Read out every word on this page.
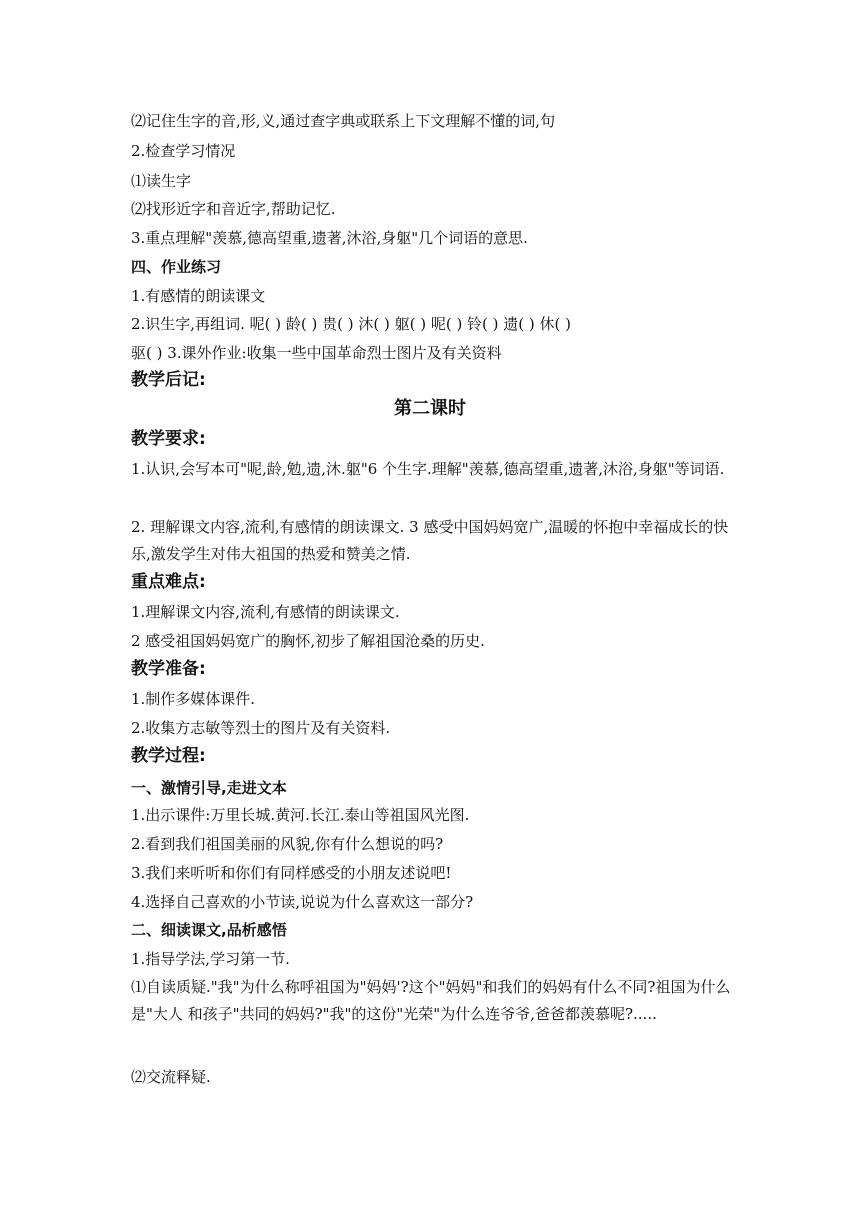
⑵记住生字的音,形,义,通过查字典或联系上下文理解不懂的词,句
2.检查学习情况
⑴读生字
⑵找形近字和音近字,帮助记忆.
3.重点理解"羡慕,德高望重,遗著,沐浴,身躯"几个词语的意思.
四、作业练习
1.有感情的朗读课文
2.识生字,再组词. 呢( ) 龄( ) 贵( ) 沐( ) 躯( ) 呢( ) 铃( ) 遗( ) 休( )
驱( ) 3.课外作业:收集一些中国革命烈士图片及有关资料
教学后记:
第二课时
教学要求:
1.认识,会写本可"呢,龄,勉,遗,沐.躯"6 个生字.理解"羡慕,德高望重,遗著,沐浴,身躯"等词语.
2. 理解课文内容,流利,有感情的朗读课文. 3 感受中国妈妈宽广,温暖的怀抱中幸福成长的快乐,激发学生对伟大祖国的热爱和赞美之情.
重点难点:
1.理解课文内容,流利,有感情的朗读课文.
2 感受祖国妈妈宽广的胸怀,初步了解祖国沧桑的历史.
教学准备:
1.制作多媒体课件.
2.收集方志敏等烈士的图片及有关资料.
教学过程:
一、激情引导,走进文本
1.出示课件:万里长城.黄河.长江.泰山等祖国风光图.
2.看到我们祖国美丽的风貌,你有什么想说的吗?
3.我们来听听和你们有同样感受的小朋友述说吧!
4.选择自己喜欢的小节读,说说为什么喜欢这一部分?
二、细读课文,品析感悟
1.指导学法,学习第一节.
⑴自读质疑."我"为什么称呼祖国为"妈妈'?这个"妈妈"和我们的妈妈有什么不同?祖国为什么是"大人 和孩子"共同的妈妈?"我"的这份"光荣"为什么连爷爷,爸爸都羡慕呢?.....
⑵交流释疑.
